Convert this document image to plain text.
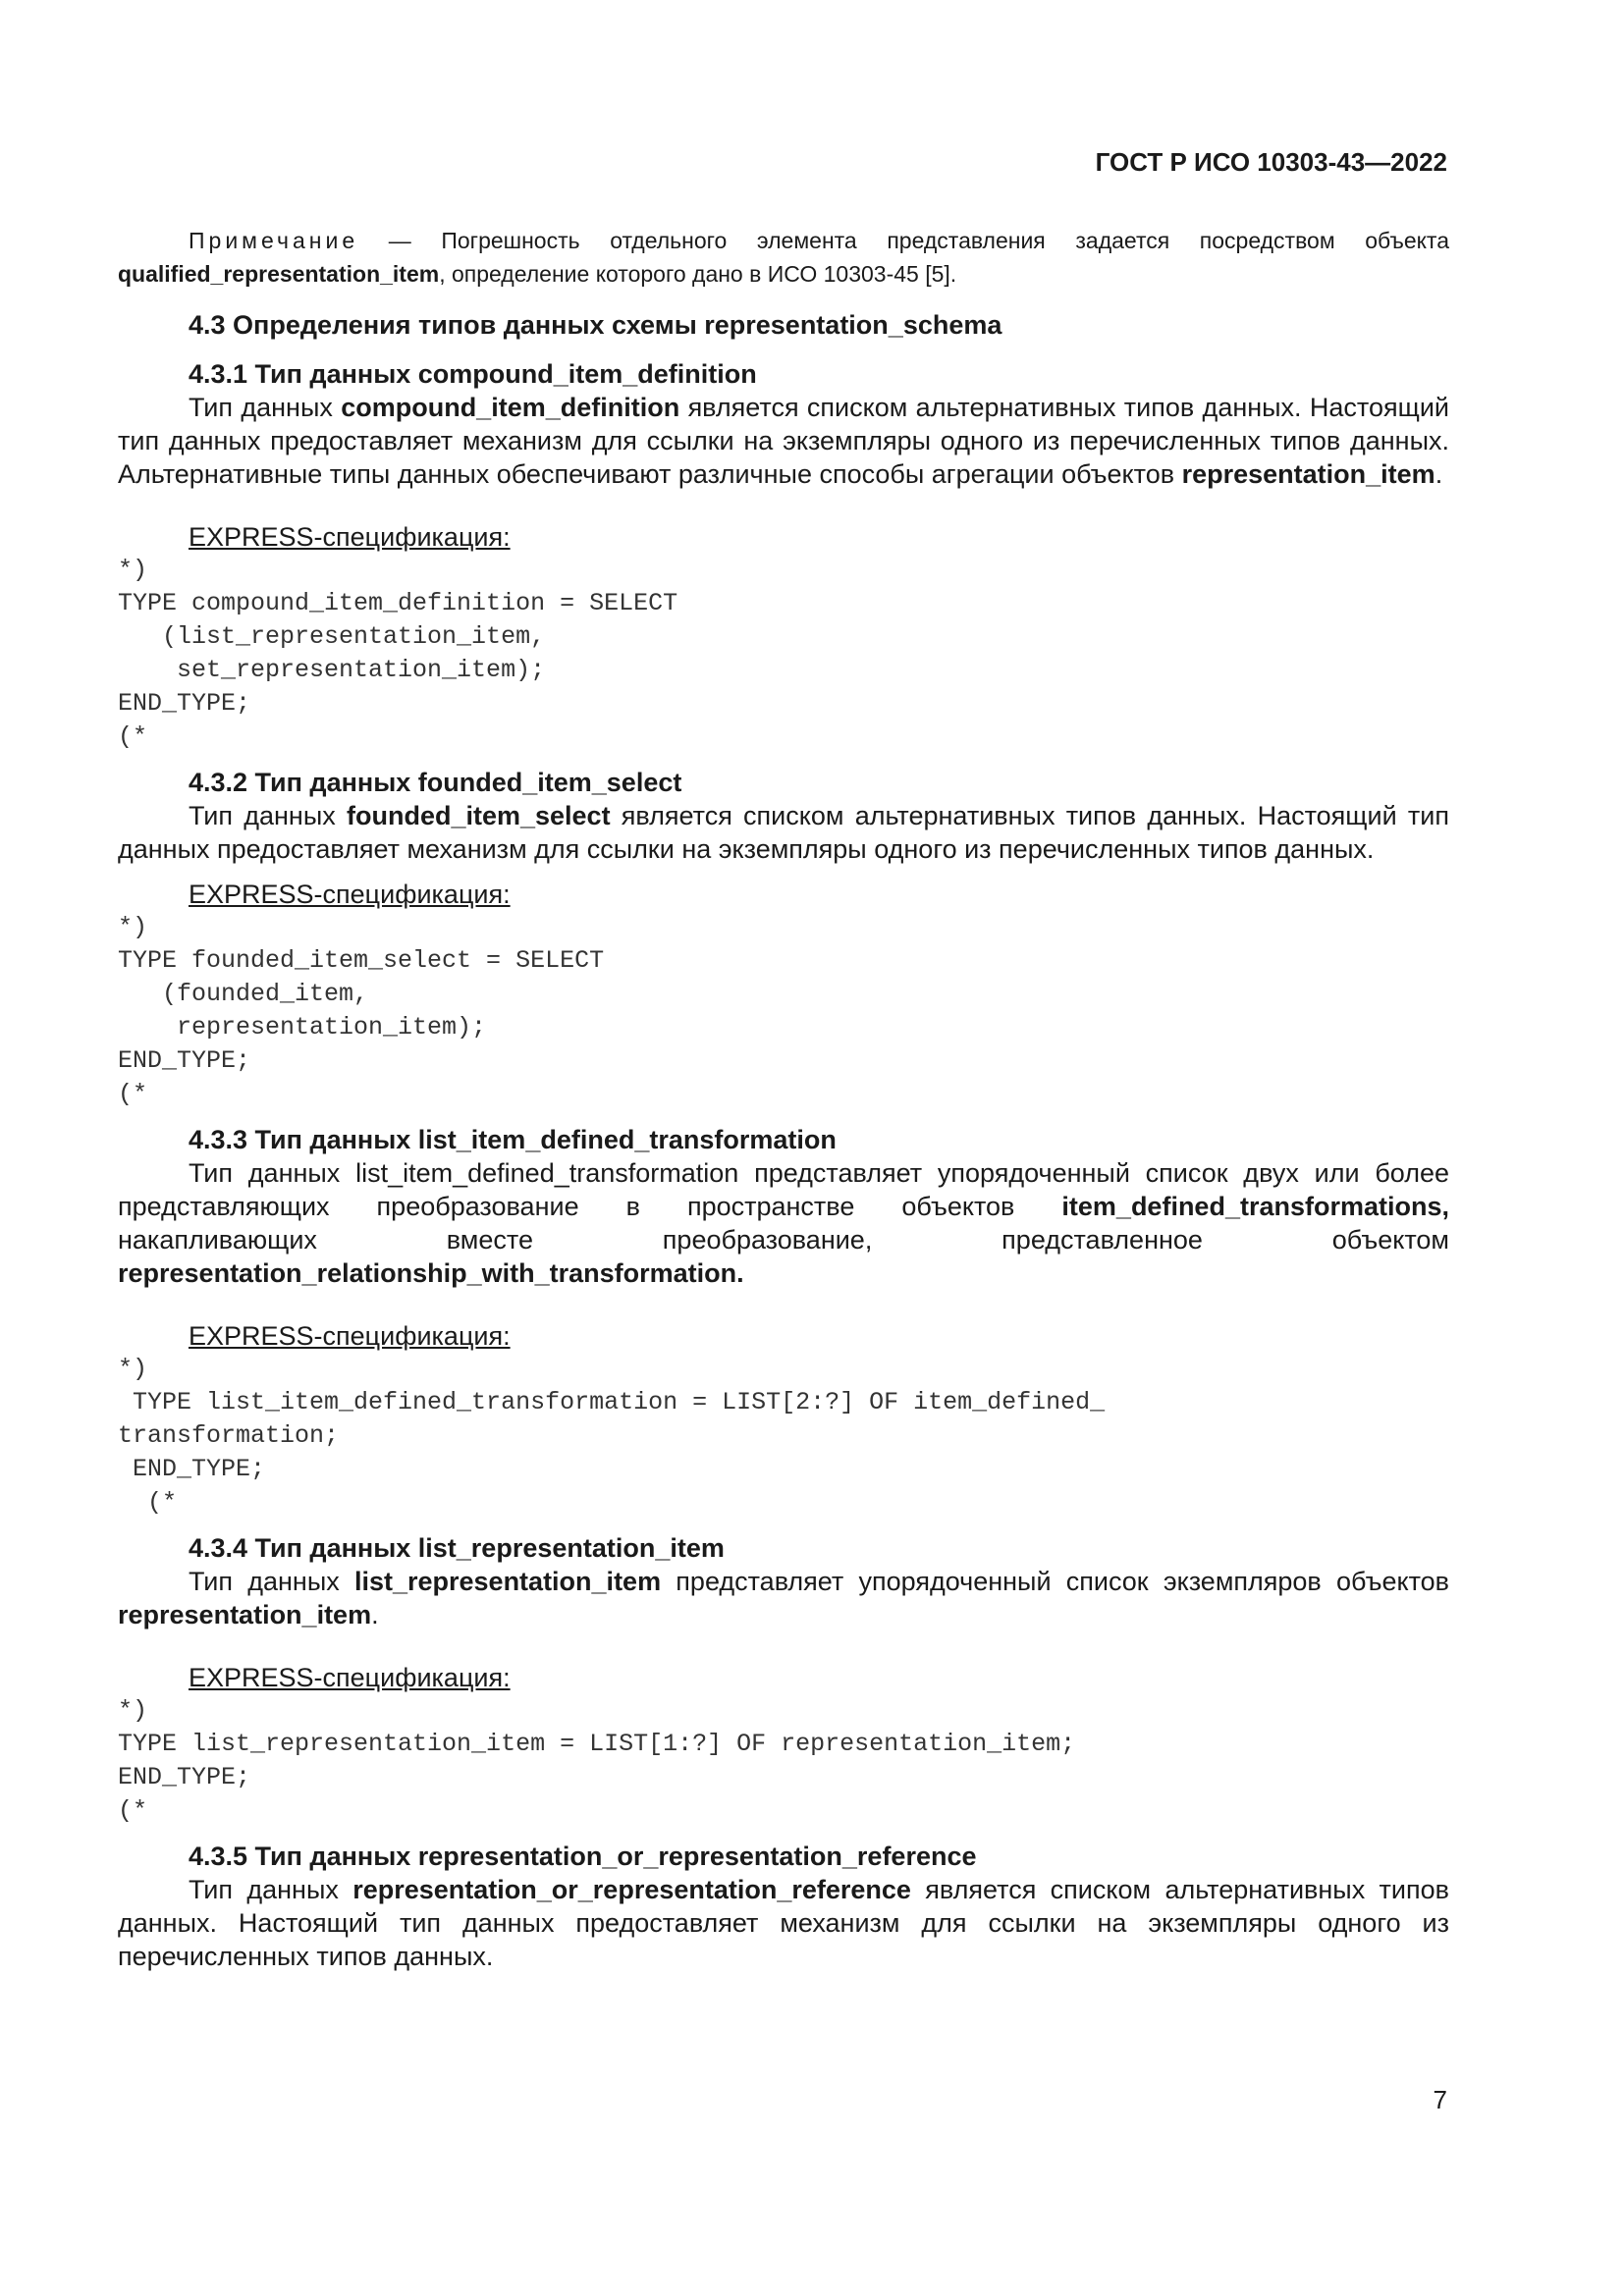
ГОСТ Р ИСО 10303-43—2022

Примечание — Погрешность отдельного элемента представления задается посредством объекта qualified_representation_item, определение которого дано в ИСО 10303-45 [5].

4.3 Определения типов данных схемы representation_schema

4.3.1 Тип данных compound_item_definition

Тип данных compound_item_definition является списком альтернативных типов данных. Настоящий тип данных предоставляет механизм для ссылки на экземпляры одного из перечисленных типов данных. Альтернативные типы данных обеспечивают различные способы агрегации объектов representation_item.

EXPRESS-спецификация:

*)
TYPE compound_item_definition = SELECT
(list_representation_item,
set_representation_item);
END_TYPE;
(*

4.3.2 Тип данных founded_item_select

Тип данных founded_item_select является списком альтернативных типов данных. Настоящий тип данных предоставляет механизм для ссылки на экземпляры одного из перечисленных типов данных.

EXPRESS-спецификация:

*)
TYPE founded_item_select = SELECT
(founded_item,
representation_item);
END_TYPE;
(*

4.3.3 Тип данных list_item_defined_transformation

Тип данных list_item_defined_transformation представляет упорядоченный список двух или более представляющих преобразование в пространстве объектов item_defined_transformations, накапливающих вместе преобразование, представленное объектом representation_relationship_with_transformation.

EXPRESS-спецификация:

*)
TYPE list_item_defined_transformation = LIST[2:?] OF item_defined_
transformation;
END_TYPE;
(*

4.3.4 Тип данных list_representation_item

Тип данных list_representation_item представляет упорядоченный список экземпляров объектов representation_item.

EXPRESS-спецификация:

*)
TYPE list_representation_item = LIST[1:?] OF representation_item;
END_TYPE;
(*

4.3.5 Тип данных representation_or_representation_reference

Тип данных representation_or_representation_reference является списком альтернативных типов данных. Настоящий тип данных предоставляет механизм для ссылки на экземпляры одного из перечисленных типов данных.

7
